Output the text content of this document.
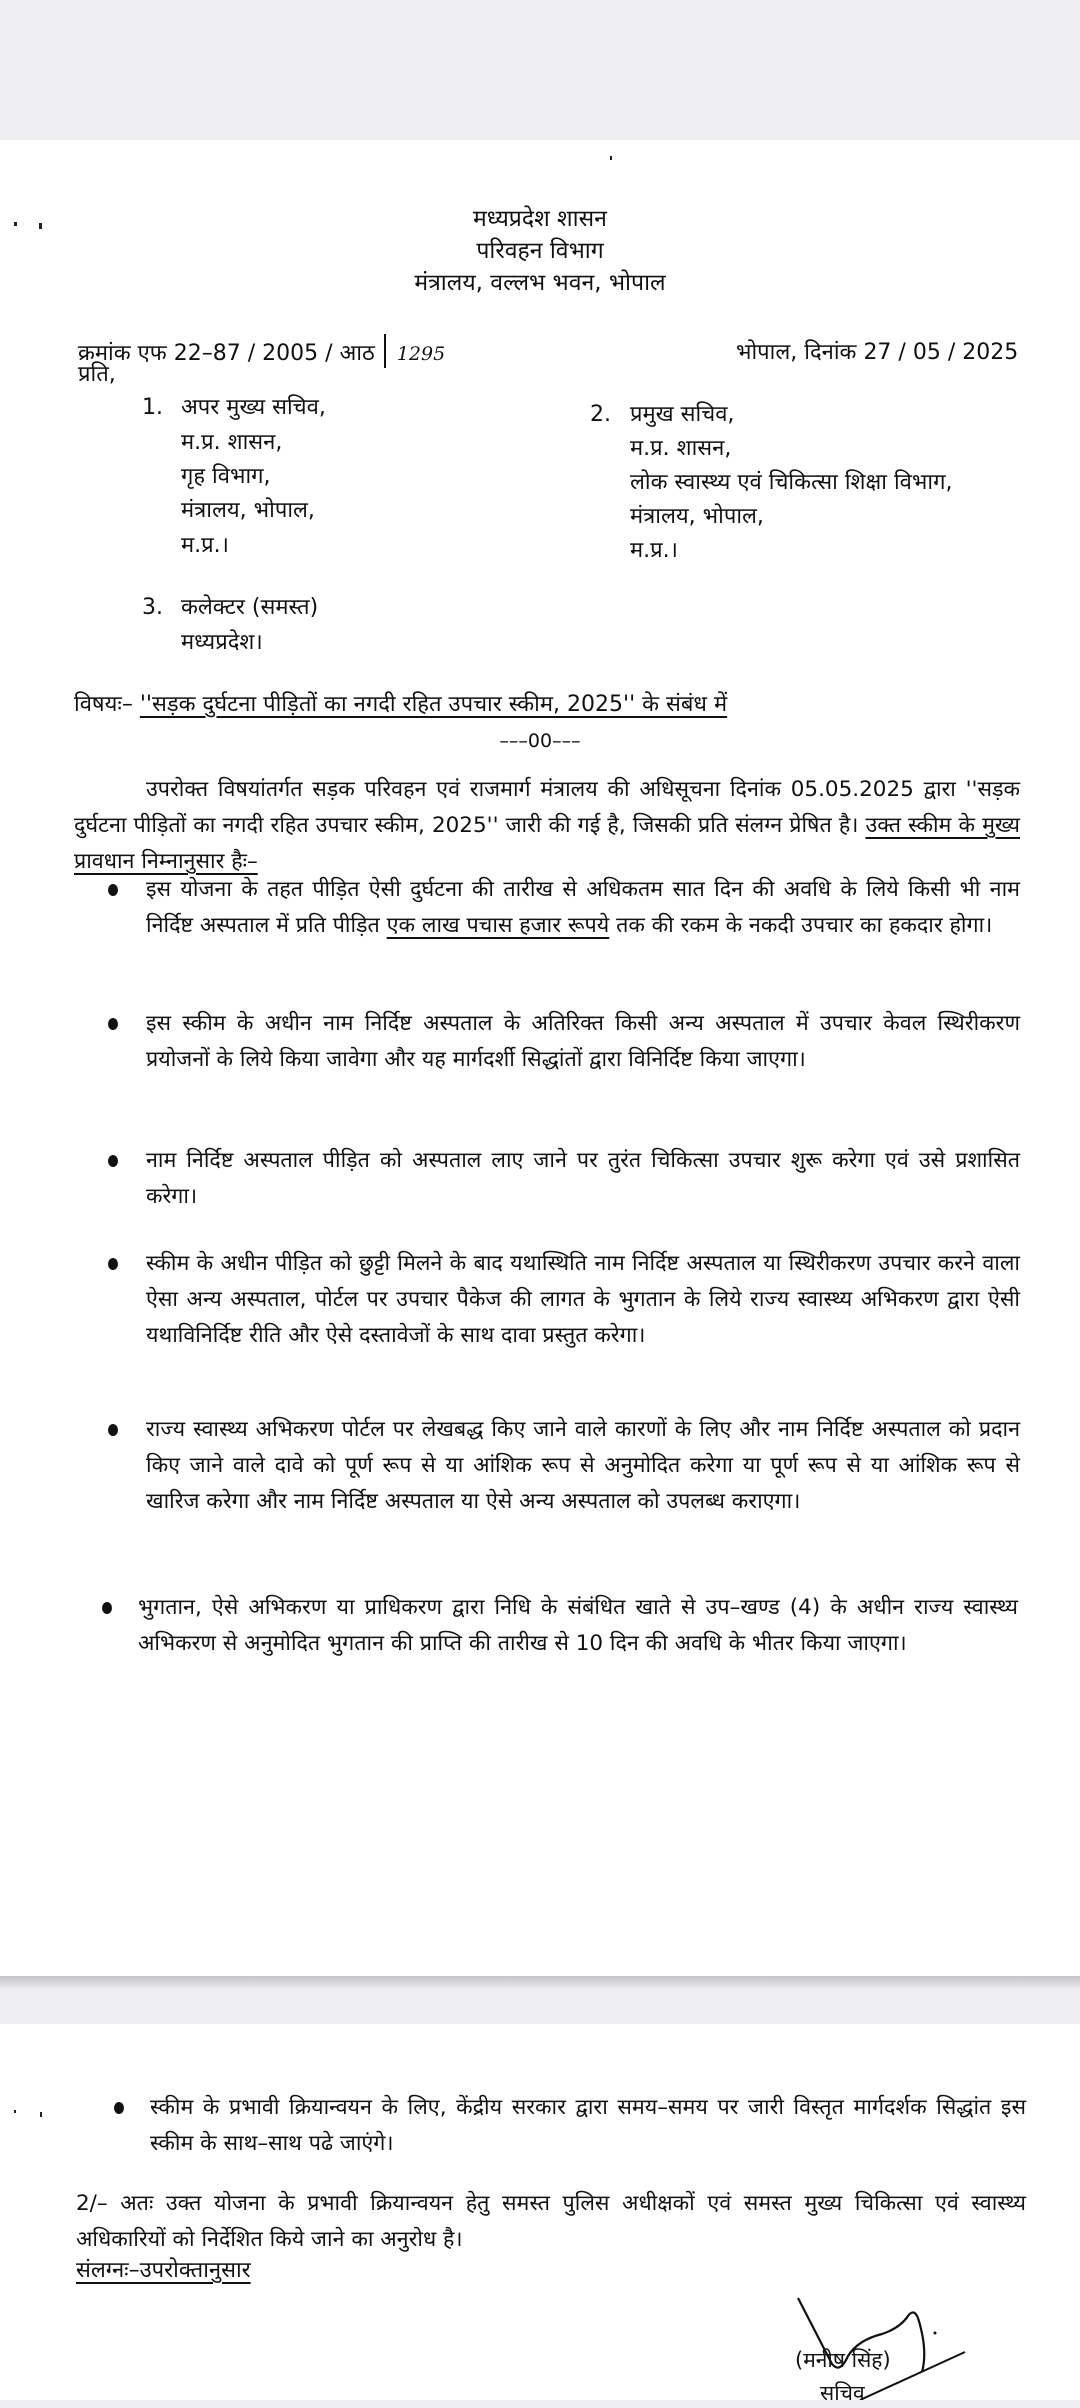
मध्यप्रदेश शासन
परिवहन विभाग
मंत्रालय, वल्लभ भवन, भोपाल
क्रमांक एफ 22–87 / 2005 / आठ 1295	भोपाल, दिनांक 27 / 05 / 2025
प्रति,
1. अपर मुख्य सचिव,
म.प्र. शासन,
गृह विभाग,
मंत्रालय, भोपाल,
म.प्र.।
2. प्रमुख सचिव,
म.प्र. शासन,
लोक स्वास्थ्य एवं चिकित्सा शिक्षा विभाग,
मंत्रालय, भोपाल,
म.प्र.।
3. कलेक्टर (समस्त)
मध्यप्रदेश।
विषयः– ''सड़क दुर्घटना पीड़ितों का नगदी रहित उपचार स्कीम, 2025'' के संबंध में
–––00–––
उपरोक्त विषयांतर्गत सड़क परिवहन एवं राजमार्ग मंत्रालय की अधिसूचना दिनांक 05.05.2025 द्वारा ''सड़क दुर्घटना पीड़ितों का नगदी रहित उपचार स्कीम, 2025'' जारी की गई है, जिसकी प्रति संलग्न प्रेषित है। उक्त स्कीम के मुख्य प्रावधान निम्नानुसार हैः–
इस योजना के तहत पीड़ित ऐसी दुर्घटना की तारीख से अधिकतम सात दिन की अवधि के लिये किसी भी नाम निर्दिष्ट अस्पताल में प्रति पीड़ित एक लाख पचास हजार रूपये तक की रकम के नकदी उपचार का हकदार होगा।
इस स्कीम के अधीन नाम निर्दिष्ट अस्पताल के अतिरिक्त किसी अन्य अस्पताल में उपचार केवल स्थिरीकरण प्रयोजनों के लिये किया जावेगा और यह मार्गदर्शी सिद्धांतों द्वारा विनिर्दिष्ट किया जाएगा।
नाम निर्दिष्ट अस्पताल पीड़ित को अस्पताल लाए जाने पर तुरंत चिकित्सा उपचार शुरू करेगा एवं उसे प्रशासित करेगा।
स्कीम के अधीन पीड़ित को छुट्टी मिलने के बाद यथास्थिति नाम निर्दिष्ट अस्पताल या स्थिरीकरण उपचार करने वाला ऐसा अन्य अस्पताल, पोर्टल पर उपचार पैकेज की लागत के भुगतान के लिये राज्य स्वास्थ्य अभिकरण द्वारा ऐसी यथाविनिर्दिष्ट रीति और ऐसे दस्तावेजों के साथ दावा प्रस्तुत करेगा।
राज्य स्वास्थ्य अभिकरण पोर्टल पर लेखबद्ध किए जाने वाले कारणों के लिए और नाम निर्दिष्ट अस्पताल को प्रदान किए जाने वाले दावे को पूर्ण रूप से या आंशिक रूप से अनुमोदित करेगा या पूर्ण रूप से या आंशिक रूप से खारिज करेगा और नाम निर्दिष्ट अस्पताल या ऐसे अन्य अस्पताल को उपलब्ध कराएगा।
भुगतान, ऐसे अभिकरण या प्राधिकरण द्वारा निधि के संबंधित खाते से उप–खण्ड (4) के अधीन राज्य स्वास्थ्य अभिकरण से अनुमोदित भुगतान की प्राप्ति की तारीख से 10 दिन की अवधि के भीतर किया जाएगा।
स्कीम के प्रभावी क्रियान्वयन के लिए, केंद्रीय सरकार द्वारा समय–समय पर जारी विस्तृत मार्गदर्शक सिद्धांत इस स्कीम के साथ–साथ पढे जाएंगे।
2/– अतः उक्त योजना के प्रभावी क्रियान्वयन हेतु समस्त पुलिस अधीक्षकों एवं समस्त मुख्य चिकित्सा एवं स्वास्थ्य अधिकारियों को निर्देशित किये जाने का अनुरोध है।
संलग्नः–उपरोक्तानुसार
(मनीष सिंह)
सचिव
